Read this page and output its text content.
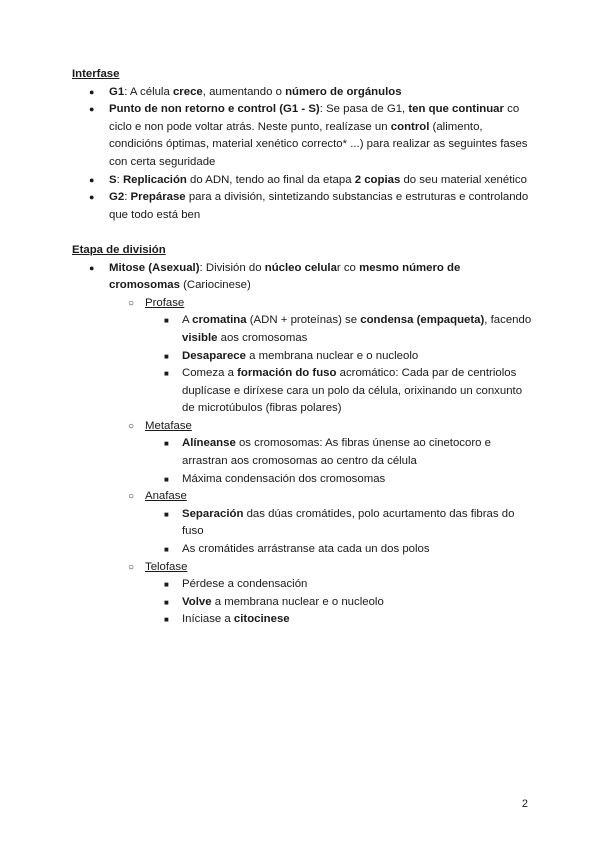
Interfase

● G1: A célula crece, aumentando o número de orgánulos
● Punto de non retorno e control (G1 - S): Se pasa de G1, ten que continuar co ciclo e non pode voltar atrás. Neste punto, realízase un control (alimento, condicións óptimas, material xenético correcto* ...) para realizar as seguintes fases con certa seguridade
● S: Replicación do ADN, tendo ao final da etapa 2 copias do seu material xenético
● G2: Prepárase para a división, sintetizando substancias e estruturas e controlando que todo está ben

Etapa de división

● Mitose (Asexual): División do núcleo celular co mesmo número de cromosomas (Cariocinese)
○ Profase
■ A cromatina (ADN + proteínas) se condensa (empaqueta), facendo visible aos cromosomas
■ Desaparece a membrana nuclear e o nucleolo
■ Comeza a formación do fuso acromático: Cada par de centriolos duplícase e diríxese cara un polo da célula, orixinando un conxunto de microtúbulos (fibras polares)
○ Metafase
■ Alíneanse os cromosomas: As fibras únense ao cinetocoro e arrastran aos cromosomas ao centro da célula
■ Máxima condensación dos cromosomas
○ Anafase
■ Separación das dúas cromátides, polo acurtamento das fibras do fuso
■ As cromátides arrástranse ata cada un dos polos
○ Telofase
■ Pérdese a condensación
■ Volve a membrana nuclear e o nucleolo
■ Iníciase a citocinese
2
